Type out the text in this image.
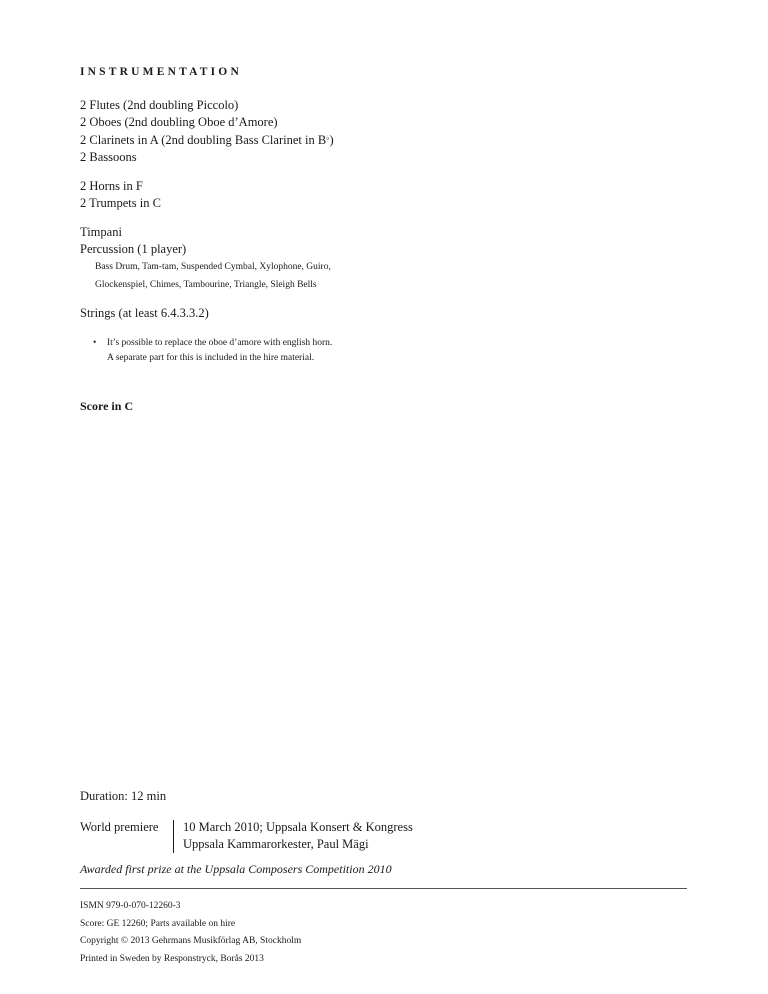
INSTRUMENTATION
2 Flutes (2nd doubling Piccolo)
2 Oboes (2nd doubling Oboe d’Amore)
2 Clarinets in A (2nd doubling Bass Clarinet in B♭)
2 Bassoons
2 Horns in F
2 Trumpets in C
Timpani
Percussion (1 player)
Bass Drum, Tam-tam, Suspended Cymbal, Xylophone, Guiro,
Glockenspiel, Chimes, Tambourine, Triangle, Sleigh Bells
Strings (at least 6.4.3.3.2)
• It’s possible to replace the oboe d’amore with english horn.
A separate part for this is included in the hire material.
Score in C
Duration: 12 min
World premiere 10 March 2010; Uppsala Konsert & Kongress
Uppsala Kammarorkester, Paul Mägi
Awarded first prize at the Uppsala Composers Competition 2010
ISMN 979-0-070-12260-3
Score: GE 12260; Parts available on hire
Copyright © 2013 Gehrmans Musikförlag AB, Stockholm
Printed in Sweden by Responstryck, Borås 2013
